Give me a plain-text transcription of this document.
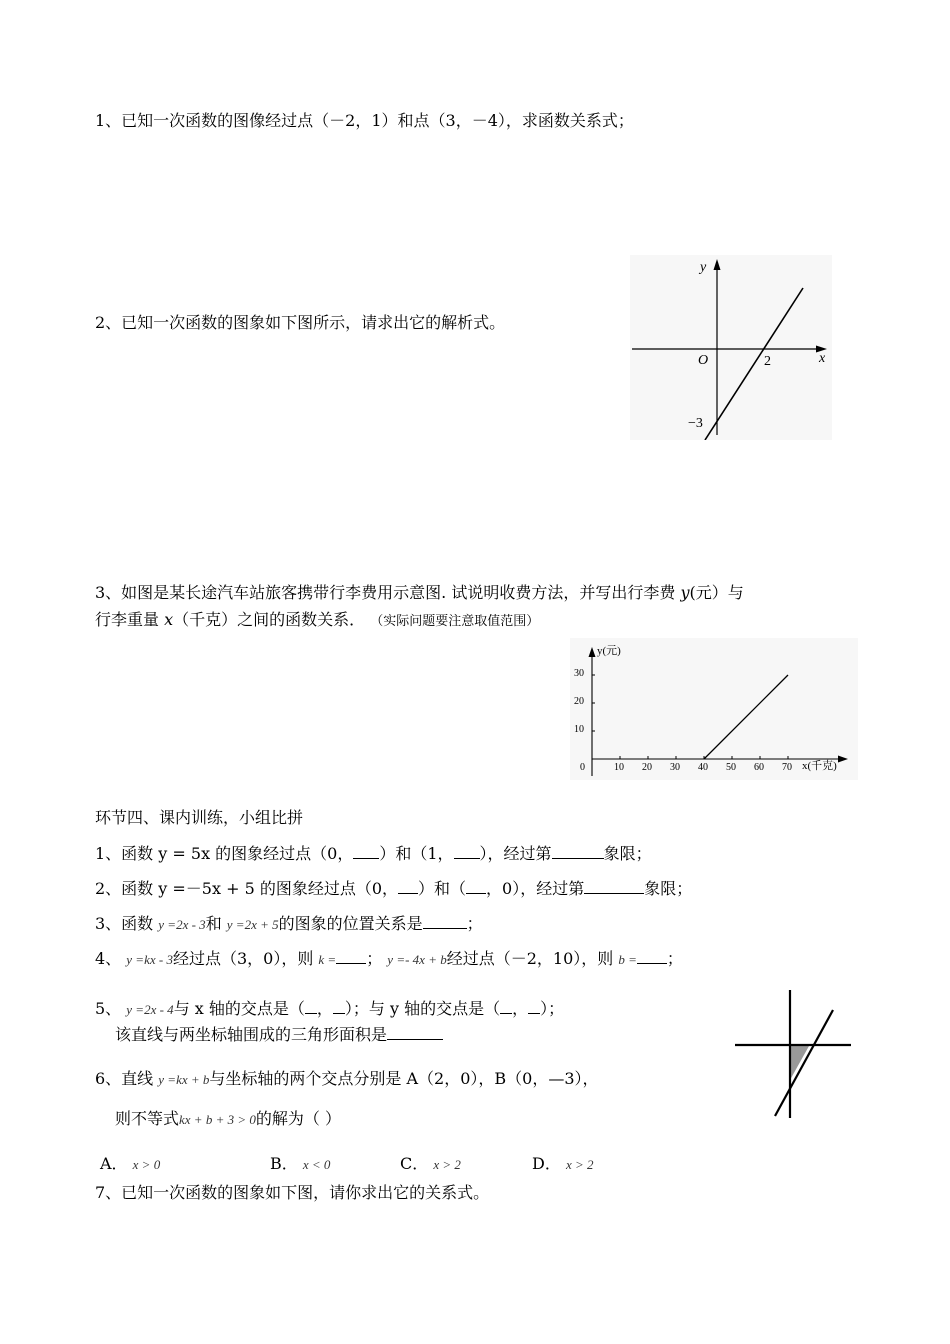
1、已知一次函数的图像经过点（－2，1）和点（3，－4），求函数关系式；
2、已知一次函数的图象如下图所示，请求出它的解析式。
y
x
O	2
−3
3、如图是某长途汽车站旅客携带行李费用示意图. 试说明收费方法，并写出行李费 y(元）与
行李重量 x（千克）之间的函数关系． （实际问题要注意取值范围）
y(元)
x(千克)
30
20
10
0	10 20 30 40 50 60 70
环节四、课内训练，小组比拼
1、函数 y = 5x 的图象经过点（0， ）和（1， ），经过第	象限；
2、函数 y =－5x + 5 的图象经过点（0， ）和（ ，0），经过第	象限；
3、函数 y =2x - 3和 y =2x + 5的图象的位置关系是	；
4、 y =kx - 3经过点（3，0），则 k = ； y =- 4x + b经过点（－2，10），则 b = ；
5、 y =2x - 4与 x 轴的交点是（ ， ）；与 y 轴的交点是（ ， ）；
该直线与两坐标轴围成的三角形面积是
6、直线 y =kx + b与坐标轴的两个交点分别是 A（2，0），B（0，—3），
则不等式kx + b + 3 > 0的解为（ ）
A． x > 0	B． x < 0	C． x > 2	D． x > 2
7、已知一次函数的图象如下图，请你求出它的关系式。
